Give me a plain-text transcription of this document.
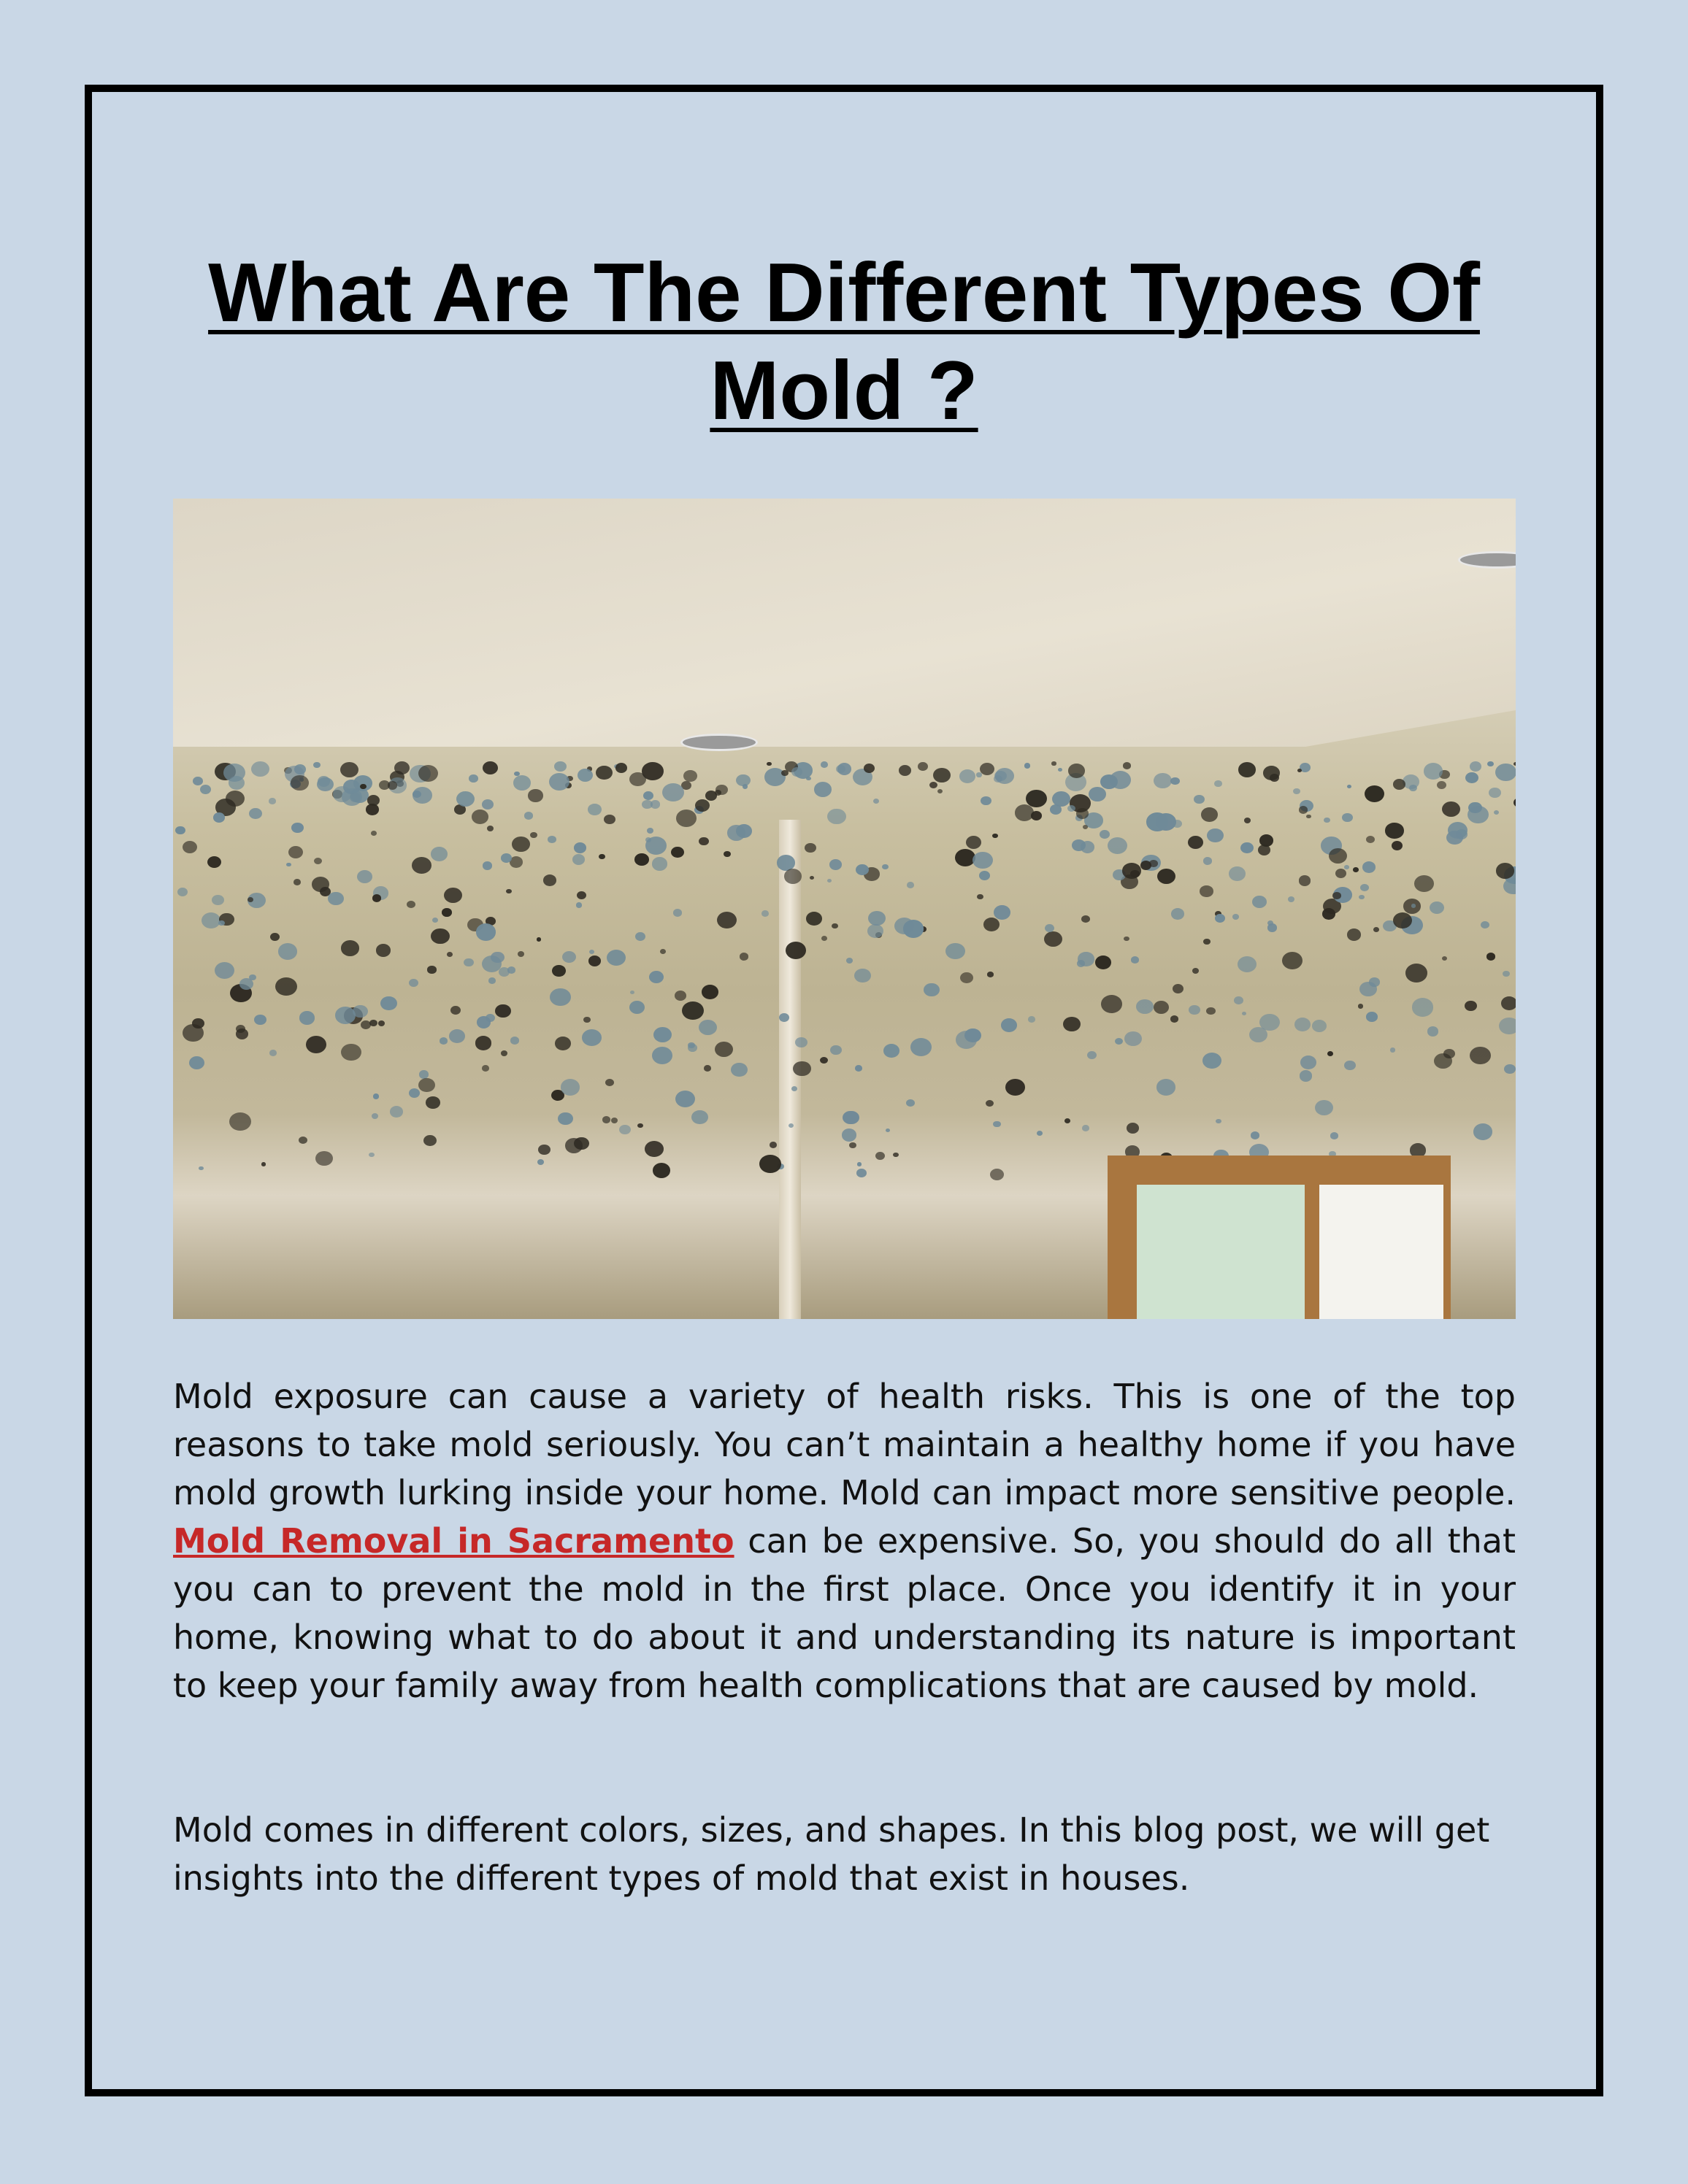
What Are The Different Types Of Mold ?

Mold exposure can cause a variety of health risks. This is one of the top reasons to take mold seriously. You can’t maintain a healthy home if you have mold growth lurking inside your home. Mold can impact more sensitive people. Mold Removal in Sacramento can be expensive. So, you should do all that you can to prevent the mold in the first place. Once you identify it in your home, knowing what to do about it and understanding its nature is important to keep your family away from health complications that are caused by mold.

Mold comes in different colors, sizes, and shapes. In this blog post, we will get insights into the different types of mold that exist in houses.
